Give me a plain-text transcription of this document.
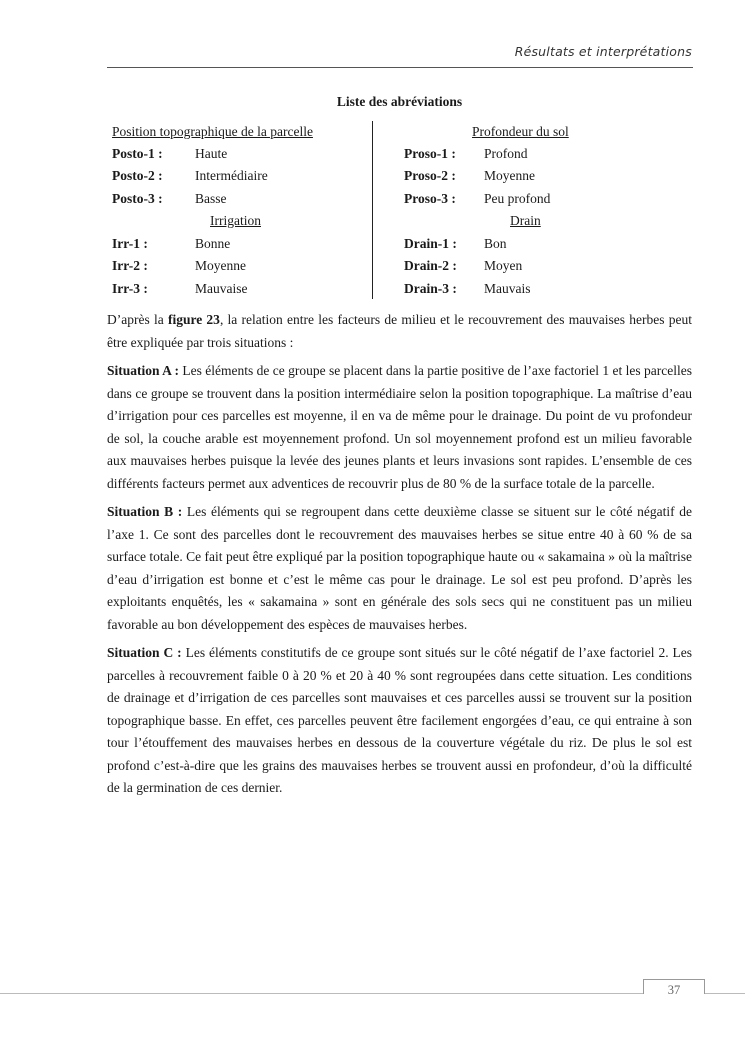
Résultats et interprétations
Liste des abréviations
Position topographique de la parcelle
Posto-1 : Haute
Posto-2 : Intermédiaire
Posto-3 : Basse
Irrigation
Irr-1 :	Bonne
Irr-2 :	Moyenne
Irr-3 :	Mauvaise
Profondeur du sol
Proso-1 : Profond
Proso-2 : Moyenne
Proso-3 : Peu profond
Drain
Drain-1 : Bon
Drain-2 : Moyen
Drain-3 : Mauvais

D’après la figure 23, la relation entre les facteurs de milieu et le recouvrement des mauvaises herbes peut être expliquée par trois situations :

Situation A : Les éléments de ce groupe se placent dans la partie positive de l’axe factoriel 1 et les parcelles dans ce groupe se trouvent dans la position intermédiaire selon la position topographique. La maîtrise d’eau d’irrigation pour ces parcelles est moyenne, il en va de même pour le drainage. Du point de vu profondeur de sol, la couche arable est moyennement profond. Un sol moyennement profond est un milieu favorable aux mauvaises herbes puisque la levée des jeunes plants et leurs invasions sont rapides. L’ensemble de ces différents facteurs permet aux adventices de recouvrir plus de 80 % de la surface totale de la parcelle.

Situation B : Les éléments qui se regroupent dans cette deuxième classe se situent sur le côté négatif de l’axe 1. Ce sont des parcelles dont le recouvrement des mauvaises herbes se situe entre 40 à 60 % de sa surface totale. Ce fait peut être expliqué par la position topographique haute ou « sakamaina » où la maîtrise d’eau d’irrigation est bonne et c’est le même cas pour le drainage. Le sol est peu profond. D’après les exploitants enquêtés, les « sakamaina » sont en générale des sols secs qui ne constituent pas un milieu favorable au bon développement des espèces de mauvaises herbes.

Situation C : Les éléments constitutifs de ce groupe sont situés sur le côté négatif de l’axe factoriel 2. Les parcelles à recouvrement faible 0 à 20 % et 20 à 40 % sont regroupées dans cette situation. Les conditions de drainage et d’irrigation de ces parcelles sont mauvaises et ces parcelles aussi se trouvent sur la position topographique basse. En effet, ces parcelles peuvent être facilement engorgées d’eau, ce qui entraine à son tour l’étouffement des mauvaises herbes en dessous de la couverture végétale du riz. De plus le sol est profond c’est-à-dire que les grains des mauvaises herbes se trouvent aussi en profondeur, d’où la difficulté de la germination de ces dernier.

37
